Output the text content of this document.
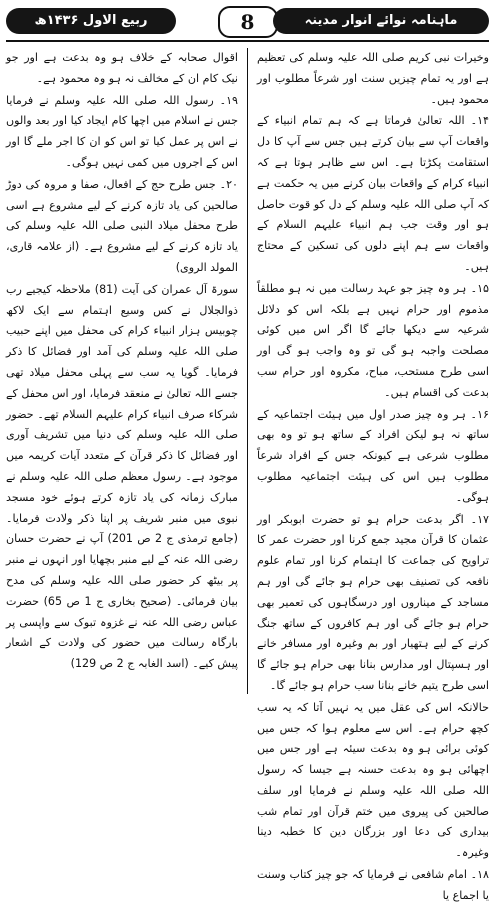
ربیع الاول ۱۴۳۶ھ	8	ماہنامہ نوائے انوار مدینہ

وخیرات نبی کریم صلی اللہ علیہ وسلم کی تعظیم ہے اور یہ تمام چیزیں سنت اور شرعاً مطلوب اور محمود ہیں۔

۱۴۔ اللہ تعالیٰ فرماتا ہے کہ ہم تمام انبیاء کے واقعات آپ سے بیان کرتے ہیں جس سے آپ کا دل استقامت پکڑتا ہے۔ اس سے ظاہر ہوتا ہے کہ انبیاء کرام کے واقعات بیان کرنے میں یہ حکمت ہے کہ آپ صلی اللہ علیہ وسلم کے دل کو قوت حاصل ہو اور وقت جب ہم انبیاء علیہم السلام کے واقعات سے ہم اپنے دلوں کی تسکین کے محتاج ہیں۔

۱۵۔ ہر وہ چیز جو عہد رسالت میں نہ ہو مطلقاً مذموم اور حرام نہیں ہے بلکہ اس کو دلائل شرعیہ سے دیکھا جائے گا اگر اس میں کوئی مصلحت واجبہ ہو گی تو وہ واجب ہو گی اور اسی طرح مستحب، مباح، مکروہ اور حرام سب بدعت کی اقسام ہیں۔

۱۶۔ ہر وہ چیز صدر اول میں ہیئت اجتماعیہ کے ساتھ نہ ہو لیکن افراد کے ساتھ ہو تو وہ بھی مطلوب شرعی ہے کیونکہ جس کے افراد شرعاً مطلوب ہیں اس کی ہیئت اجتماعیہ مطلوب ہوگی۔

۱۷۔ اگر بدعت حرام ہو تو حضرت ابوبکر اور عثمان کا قرآن مجید جمع کرنا اور حضرت عمر کا تراویح کی جماعت کا اہتمام کرنا اور تمام علوم نافعہ کی تصنیف بھی حرام ہو جائے گی اور ہم مساجد کے میناروں اور درسگاہوں کی تعمیر بھی حرام ہو جائے گی اور ہم کافروں کے ساتھ جنگ کرنے کے لیے ہتھیار اور بم وغیرہ اور مسافر خانے اور ہسپتال اور مدارس بنانا بھی حرام ہو جائے گا اسی طرح یتیم خانے بنانا سب حرام ہو جائے گا۔

حالانکہ اس کی عقل میں یہ نہیں آتا کہ یہ سب کچھ حرام ہے۔ اس سے معلوم ہوا کہ جس میں کوئی برائی ہو وہ بدعت سیئہ ہے اور جس میں اچھائی ہو وہ بدعت حسنہ ہے جیسا کہ رسول اللہ صلی اللہ علیہ وسلم نے فرمایا اور سلف صالحین کی پیروی میں ختم قرآن اور تمام شب بیداری کی دعا اور بزرگان دین کا خطبہ دینا وغیرہ۔

۱۸۔ امام شافعی نے فرمایا کہ جو چیز کتاب وسنت یا اجماع یا

اقوال صحابہ کے خلاف ہو وہ بدعت ہے اور جو نیک کام ان کے مخالف نہ ہو وہ محمود ہے۔

۱۹۔ رسول اللہ صلی اللہ علیہ وسلم نے فرمایا جس نے اسلام میں اچھا کام ایجاد کیا اور بعد والوں نے اس پر عمل کیا تو اس کو ان کا اجر ملے گا اور اس کے اجروں میں کمی نہیں ہوگی۔

۲۰۔ جس طرح حج کے افعال، صفا و مروہ کی دوڑ صالحین کی یاد تازہ کرنے کے لیے مشروع ہے اسی طرح محفل میلاد النبی صلی اللہ علیہ وسلم کی یاد تازہ کرنے کے لیے مشروع ہے۔ (از علامہ قاری، المولد الروی)

سورۃ آل عمران کی آیت (81) ملاحظہ کیجیے رب ذوالجلال نے کس وسیع اہتمام سے ایک لاکھ چوبیس ہزار انبیاء کرام کی محفل میں اپنے حبیب صلی اللہ علیہ وسلم کی آمد اور فضائل کا ذکر فرمایا۔ گویا یہ سب سے پہلی محفل میلاد تھی جسے اللہ تعالیٰ نے منعقد فرمایا، اور اس محفل کے شرکاء صرف انبیاء کرام علیہم السلام تھے۔ حضور صلی اللہ علیہ وسلم کی دنیا میں تشریف آوری اور فضائل کا ذکر قرآن کے متعدد آیات کریمہ میں موجود ہے۔ رسول معظم صلی اللہ علیہ وسلم نے مبارک زمانہ کی یاد تازہ کرتے ہوئے خود مسجد نبوی میں منبر شریف پر اپنا ذکر ولادت فرمایا۔ (جامع ترمذی ج 2 ص 201) آپ نے حضرت حسان رضی اللہ عنہ کے لیے منبر بچھایا اور انہوں نے منبر پر بیٹھ کر حضور صلی اللہ علیہ وسلم کی مدح بیان فرمائی۔ (صحیح بخاری ج 1 ص 65) حضرت عباس رضی اللہ عنہ نے غزوہ تبوک سے واپسی پر بارگاہ رسالت میں حضور کی ولادت کے اشعار پیش کیے۔ (اسد الغابہ ج 2 ص 129)
